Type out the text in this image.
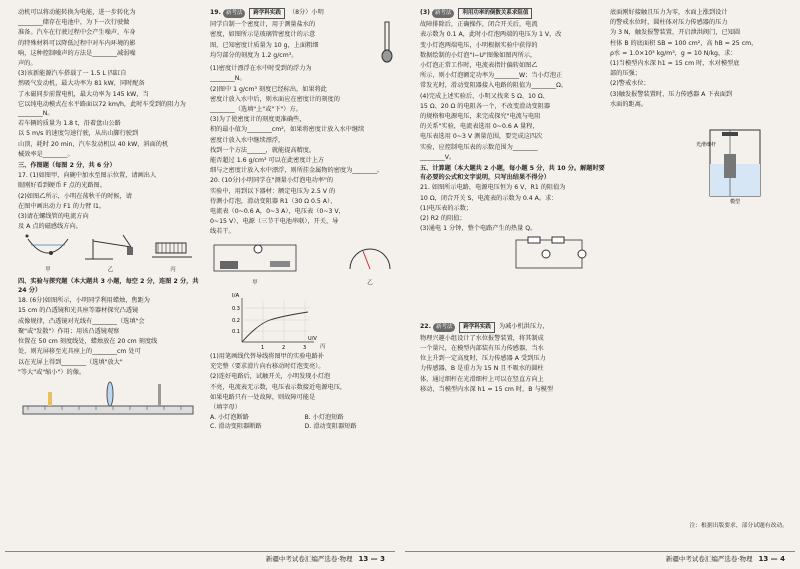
动机可以将动能转换为电能，进一步转化为

________储存在电池中，为下一次行驶做

准备。汽车在行驶过程中会产生噪声，车身

的特殊材料可以降低过程中对车内环境的影

响，这种控制噪声的方法是________减弱噪

声的。

(3)该新能源汽车搭载了一 1.5 L 四缸自

然吸气发动机，最大功率为 81 kW，同时配备

了永磁同步前置电机，最大功率为 145 kW，当

它以纯电动模式在水平路面以72 km/h，此时车受到的阻力为________N。

若车辆的质量为 1.8 t，沿着盘山公路

以 5 m/s 的速度匀速行驶，从出山脚行驶到

山顶，耗时 20 min，汽车发动机以 40 kW，斜面的机

械效率是________。

三、作图题（每图 2 分，共 6 分）

17. (1)如图甲，向碗中加水至图示位置，请画出人

眼刚好看到硬币 F 点的光路图。

(2)如图乙所示，小明在荡秋千的时候，请

在图中画出动力 F1 的力臂 l1。

(3)请在螺线管的电流方向

及 A 点的磁感线方向。

甲	乙	丙

四、实验与探究题（本大题共 3 小题，每空 2 分，连图 2 分，共 24 分）

18. (6分)如图所示，小明同学利用蜡烛，焦距为

15 cm 的凸透镜和光具座等器材探究凸透镜

成像规律，凸透镜对光线有________（选填"会

聚"或"发散"）作用；用该凸透镜观察

位置在 50 cm 刻度线处，蜡烛放在 20 cm 刻度线

处，则光屏移至光具座上的________cm 处可

以在光屏上得到________（选填"放大"

"等大"或"缩小"）的像。

19. 新考法 跨学科实践 （8分）小明

同学自制一个密度计，用于测量盐水的

密度，如图所示是玻璃管密度计的示意

图，已知密度计质量为 10 g，上面粗细

均匀部分的刻度为 1.2 g/cm³。

(1)密度计漂浮在水中时受到的浮力为

________N。

(2)图中 1 g/cm³ 刻度已经标出，如果将此

密度计放入水中后，则水面应在密度计的刻度的

________（选填"上"或"下"）方。

(3)为了使密度计的刻度更准确些，

积的最小值为________cm²，如果将密度计放入水中继续

密度计放入水中继续漂浮，

找到一个方法______，就能提高精度。

能否超过 1.6 g/cm³ 可以在此密度计上方

细与之密度计放入水中漂浮，则所挂金属物的密度为________。

20. (10分)小明同学在"测量小灯泡电功率"的

实验中，用到以下器材：额定电压为 2.5 V 的

待测小灯泡，滑动变阻器 R1（30 Ω 0.5 A）、

电流表（0~0.6 A，0~3 A），电压表（0~3 V，

0~15 V），电源（三节干电池串联），开关，导

线若干。

甲	乙
I/A
0.3
0.2
0.1
1	2	3
U/V
丙

(1)用笔画线代替导线将图甲的实验电路补

充完整（要求滑片向右移动时灯泡变亮）。

(2)连好电路后，试触开关，小明发现小灯泡

不亮，电流表无示数，电压表示数接近电源电压，

如果电路只有一处故障，则故障可能是

（填字母）

A. 小灯泡断路	B. 小灯泡短路
C. 滑动变阻器断路	D. 滑动变阻器短路
新疆中考试卷汇编严选卷·物理 13 — 3

(3) 新考法 利用功率的倒数关系求阻值

故障排除后，正确操作，闭合开关后，电流

表示数为 0.1 A，此时小灯泡两端的电压为 1 V，改

变小灯泡两端电压，小明根据实验中获得的

数据绘制的小灯泡"I−U"图像如图丙所示，

小灯泡正常工作时，电流表指针偏转如图乙

所示，则小灯泡额定功率为________W；当小灯泡正

常发光时，滑动变阻器接入电路的阻值为________Ω。

(4)完成上述实验后，小明又找来 5 Ω、10 Ω、

15 Ω、20 Ω 的电阻各一个，不改变滑动变阻器

的规格和电源电压，来完成探究"电流与电阻

的关系"实验，电流表选用 0~0.6 A 量程，

电压表选用 0~3 V 测量范围，要完成这四次

实验，应控制电压表的示数范围为________

________V。

五、计算题（本大题共 2 小题，每小题 5 分，共 10 分。解题时要有必要的公式和文字说明，只写出结果不得分）

21. 如图所示电路，电源电压恒为 6 V，R1 的阻值为

10 Ω，闭合开关 S，电流表的示数为 0.4 A。求：

(1)电压表的示数；

(2) R2 的阻值；

(3)通电 1 分钟，整个电路产生的热量 Q。

22. 新考法 跨学科实践 为减小机洪压力，

物理兴趣小组设计了水位报警装置，将其制成

一个量尺，在模型内部装有压力传感器，当水

位上升到一定高度时，压力传感器 A 受到压力

力传感器，B 是重力为 15 N 且不吸水的圆柱

体，通过细杆在光滑细杆上可以在竖直方向上

移动，当模型内水深 h1 = 15 cm 时，B 与模型

底面刚好接触且压力为零，水面上涨到设计

的警戒水位时，圆柱体对压力传感器的压力

为 3 N，触发报警装置，开启泄洪阀门，已知圆

柱体 B 的底面积 SB = 100 cm²，高 hB = 25 cm，

ρ水 = 1.0×10³ kg/m³，g = 10 N/kg，求：

(1)当模型内水深 h1 = 15 cm 时，水对模型底

部的压强；

(2)警戒水位；

(3)触发报警装置时，压力传感器 A 下表面到

水面的距离。

光滑细杆
模型
注：根据出版要求，部分试题有改动。
新疆中考试卷汇编严选卷·物理 13 — 4
